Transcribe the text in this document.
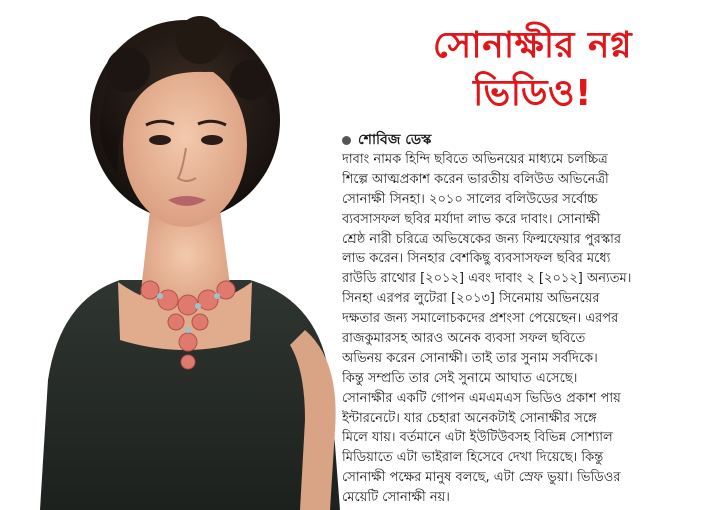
সোনাক্ষীর নগ্ন
ভিডিও!
শোবিজ ডেস্ক
দাবাং নামক হিন্দি ছবিতে অভিনয়ের মাধ্যমে চলচ্চিত্র
শিল্পে আত্মপ্রকাশ করেন ভারতীয় বলিউড অভিনেত্রী
সোনাক্ষী সিনহা। ২০১০ সালের বলিউডের সর্বোচ্চ
ব্যবসাসফল ছবির মর্যাদা লাভ করে দাবাং। সোনাক্ষী
শ্রেষ্ঠ নারী চরিত্রে অভিষেকের জন্য ফিল্মফেয়ার পুরস্কার
লাভ করেন। সিনহার বেশকিছু ব্যবসাসফল ছবির মধ্যে
রাউডি রাথোর [২০১২] এবং দাবাং ২ [২০১২] অন্যতম।
সিনহা এরপর লুটেরা [২০১৩] সিনেমায় অভিনয়ের
দক্ষতার জন্য সমালোচকদের প্রশংসা পেয়েছেন। এরপর
রাজকুমারসহ আরও অনেক ব্যবসা সফল ছবিতে
অভিনয় করেন সোনাক্ষী। তাই তার সুনাম সর্বদিকে।
কিন্তু সম্প্রতি তার সেই সুনামে আঘাত এসেছে।
সোনাক্ষীর একটি গোপন এমএমএস ভিডিও প্রকাশ পায়
ইন্টারনেটে। যার চেহারা অনেকটাই সোনাক্ষীর সঙ্গে
মিলে যায়। বর্তমানে এটা ইউটিউবসহ বিভিন্ন সোশ্যাল
মিডিয়াতে এটা ভাইরাল হিসেবে দেখা দিয়েছে। কিন্তু
সোনাক্ষী পক্ষের মানুষ বলছে, এটা স্রেফ ভুয়া। ভিডিওর
মেয়েটি সোনাক্ষী নয়।
